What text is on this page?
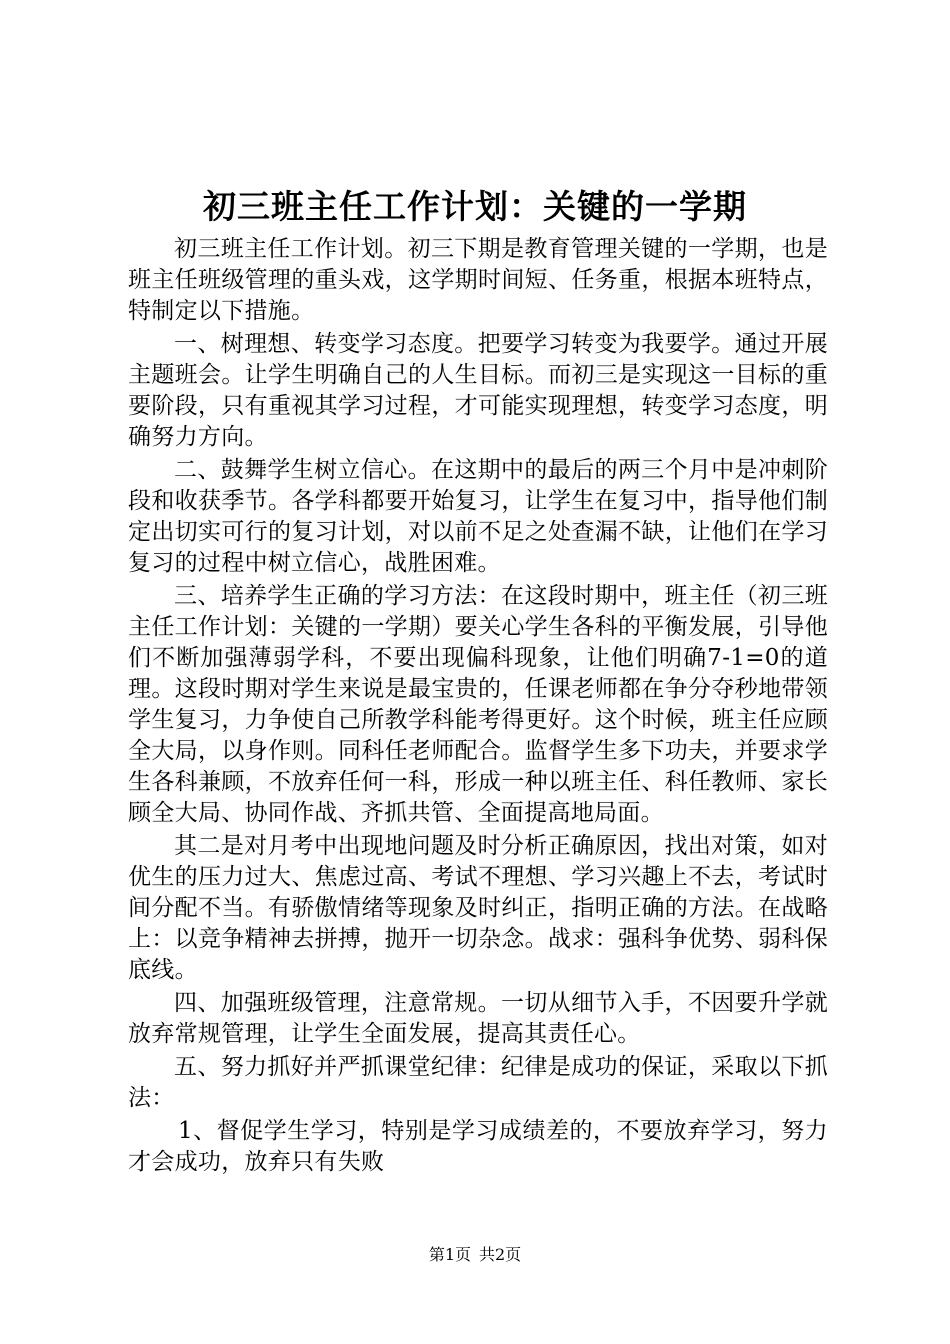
初三班主任工作计划：关键的一学期

初三班主任工作计划。初三下期是教育管理关键的一学期，也是班主任班级管理的重头戏，这学期时间短、任务重，根据本班特点，特制定以下措施。

一、树理想、转变学习态度。把要学习转变为我要学。通过开展主题班会。让学生明确自己的人生目标。而初三是实现这一目标的重要阶段，只有重视其学习过程，才可能实现理想，转变学习态度，明确努力方向。

二、鼓舞学生树立信心。在这期中的最后的两三个月中是冲刺阶段和收获季节。各学科都要开始复习，让学生在复习中，指导他们制定出切实可行的复习计划，对以前不足之处查漏不缺，让他们在学习复习的过程中树立信心，战胜困难。

三、培养学生正确的学习方法：在这段时期中，班主任（初三班主任工作计划：关键的一学期）要关心学生各科的平衡发展，引导他们不断加强薄弱学科，不要出现偏科现象，让他们明确7-1=0的道理。这段时期对学生来说是最宝贵的，任课老师都在争分夺秒地带领学生复习，力争使自己所教学科能考得更好。这个时候，班主任应顾全大局，以身作则。同科任老师配合。监督学生多下功夫，并要求学生各科兼顾，不放弃任何一科，形成一种以班主任、科任教师、家长顾全大局、协同作战、齐抓共管、全面提高地局面。

其二是对月考中出现地问题及时分析正确原因，找出对策，如对优生的压力过大、焦虑过高、考试不理想、学习兴趣上不去，考试时间分配不当。有骄傲情绪等现象及时纠正，指明正确的方法。在战略上：以竞争精神去拼搏，抛开一切杂念。战求：强科争优势、弱科保底线。

四、加强班级管理，注意常规。一切从细节入手，不因要升学就放弃常规管理，让学生全面发展，提高其责任心。

五、努力抓好并严抓课堂纪律：纪律是成功的保证，采取以下抓法：

1、督促学生学习，特别是学习成绩差的，不要放弃学习，努力才会成功，放弃只有失败

第1页 共2页
